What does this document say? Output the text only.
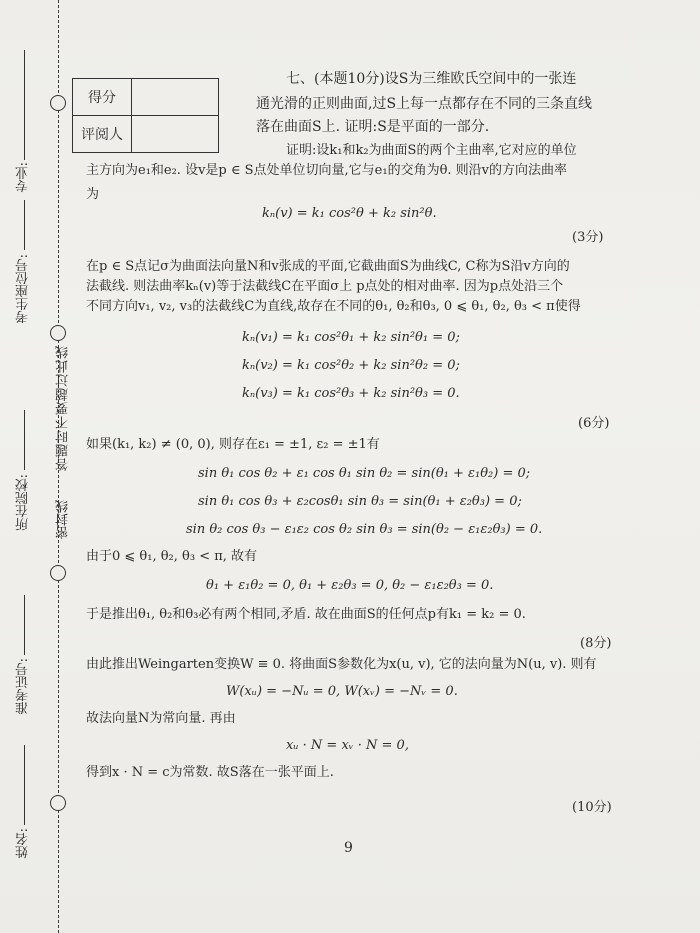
专业:
考生座位号:
答题时不要超过此线
密封线
所在院校:
准考证号:
姓名:
得分	
评阅人	
七、(本题10分)设S为三维欧氏空间中的一张连
通光滑的正则曲面,过S上每一点都存在不同的三条直线
落在曲面S上. 证明:S是平面的一部分.
证明:设k₁和k₂为曲面S的两个主曲率,它对应的单位
主方向为e₁和e₂. 设v是p ∈ S点处单位切向量,它与e₁的交角为θ. 则沿v的方向法曲率
为
kₙ(v) = k₁ cos²θ + k₂ sin²θ.
(3分)
在p ∈ S点记σ为曲面法向量N和v张成的平面,它截曲面S为曲线C, C称为S沿v方向的
法截线. 则法曲率kₙ(v)等于法截线C在平面σ上 p点处的相对曲率. 因为p点处沿三个
不同方向v₁, v₂, v₃的法截线C为直线,故存在不同的θ₁, θ₂和θ₃, 0 ⩽ θ₁, θ₂, θ₃ < π使得
kₙ(v₁) = k₁ cos²θ₁ + k₂ sin²θ₁ = 0;
kₙ(v₂) = k₁ cos²θ₂ + k₂ sin²θ₂ = 0;
kₙ(v₃) = k₁ cos²θ₃ + k₂ sin²θ₃ = 0.
(6分)
如果(k₁, k₂) ≠ (0, 0), 则存在ε₁ = ±1, ε₂ = ±1有
sin θ₁ cos θ₂ + ε₁ cos θ₁ sin θ₂ = sin(θ₁ + ε₁θ₂) = 0;
sin θ₁ cos θ₃ + ε₂cosθ₁ sin θ₃ = sin(θ₁ + ε₂θ₃) = 0;
sin θ₂ cos θ₃ − ε₁ε₂ cos θ₂ sin θ₃ = sin(θ₂ − ε₁ε₂θ₃) = 0.
由于0 ⩽ θ₁, θ₂, θ₃ < π, 故有
θ₁ + ε₁θ₂ = 0, θ₁ + ε₂θ₃ = 0, θ₂ − ε₁ε₂θ₃ = 0.
于是推出θ₁, θ₂和θ₃必有两个相同,矛盾. 故在曲面S的任何点p有k₁ = k₂ = 0.
(8分)
由此推出Weingarten变换W ≡ 0. 将曲面S参数化为x(u, v), 它的法向量为N(u, v). 则有
W(xᵤ) = −Nᵤ = 0, W(xᵥ) = −Nᵥ = 0.
故法向量N为常向量. 再由
xᵤ · N = xᵥ · N = 0,
得到x · N = c为常数. 故S落在一张平面上.
(10分)
9
